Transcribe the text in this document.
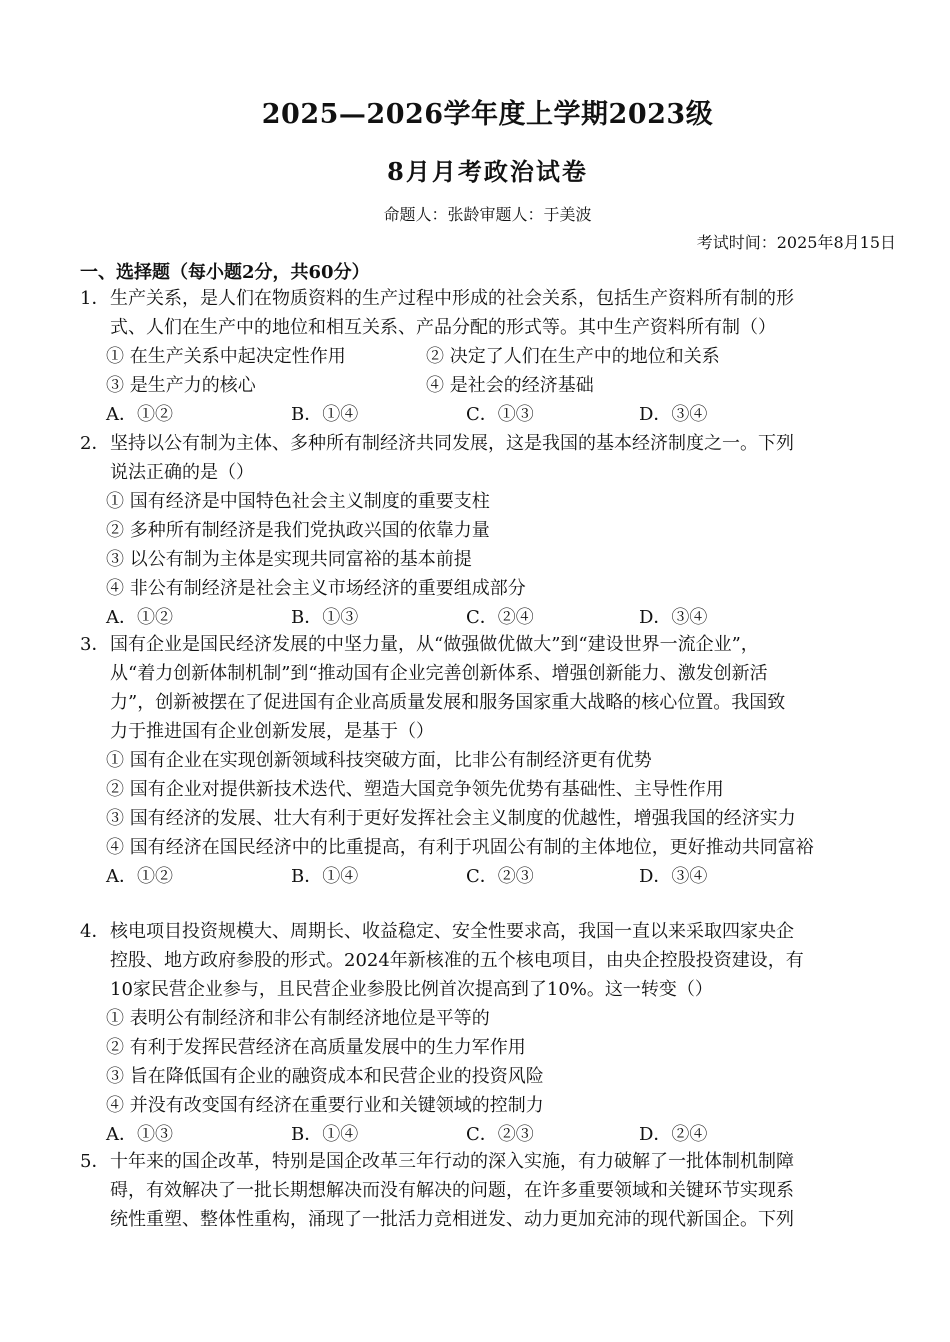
2025—2026学年度上学期2023级
8月月考政治试卷
命题人：张龄审题人：于美波
考试时间：2025年8月15日
一、选择题（每小题2分，共60分）
1． 生产关系，是人们在物质资料的生产过程中形成的社会关系，包括生产资料所有制的形
式、人们在生产中的地位和相互关系、产品分配的形式等。其中生产资料所有制（）
① 在生产关系中起决定性作用	② 决定了人们在生产中的地位和关系
③ 是生产力的核心	④ 是社会的经济基础
A．①②	B．①④	C．①③	D．③④
2． 坚持以公有制为主体、多种所有制经济共同发展，这是我国的基本经济制度之一。下列
说法正确的是（）
① 国有经济是中国特色社会主义制度的重要支柱
② 多种所有制经济是我们党执政兴国的依靠力量
③ 以公有制为主体是实现共同富裕的基本前提
④ 非公有制经济是社会主义市场经济的重要组成部分
A．①②	B．①③	C．②④	D．③④
3． 国有企业是国民经济发展的中坚力量，从“做强做优做大”到“建设世界一流企业”，
从“着力创新体制机制”到“推动国有企业完善创新体系、增强创新能力、激发创新活
力”，创新被摆在了促进国有企业高质量发展和服务国家重大战略的核心位置。我国致
力于推进国有企业创新发展，是基于（）
① 国有企业在实现创新领域科技突破方面，比非公有制经济更有优势
② 国有企业对提供新技术迭代、塑造大国竞争领先优势有基础性、主导性作用
③ 国有经济的发展、壮大有利于更好发挥社会主义制度的优越性，增强我国的经济实力
④ 国有经济在国民经济中的比重提高，有利于巩固公有制的主体地位，更好推动共同富裕
A．①②	B．①④	C．②③	D．③④
4． 核电项目投资规模大、周期长、收益稳定、安全性要求高，我国一直以来采取四家央企
控股、地方政府参股的形式。2024年新核准的五个核电项目，由央企控股投资建设，有
10家民营企业参与，且民营企业参股比例首次提高到了10%。这一转变（）
① 表明公有制经济和非公有制经济地位是平等的
② 有利于发挥民营经济在高质量发展中的生力军作用
③ 旨在降低国有企业的融资成本和民营企业的投资风险
④ 并没有改变国有经济在重要行业和关键领域的控制力
A．①③	B．①④	C．②③	D．②④
5． 十年来的国企改革，特别是国企改革三年行动的深入实施，有力破解了一批体制机制障
碍，有效解决了一批长期想解决而没有解决的问题，在许多重要领域和关键环节实现系
统性重塑、整体性重构，涌现了一批活力竞相迸发、动力更加充沛的现代新国企。下列
